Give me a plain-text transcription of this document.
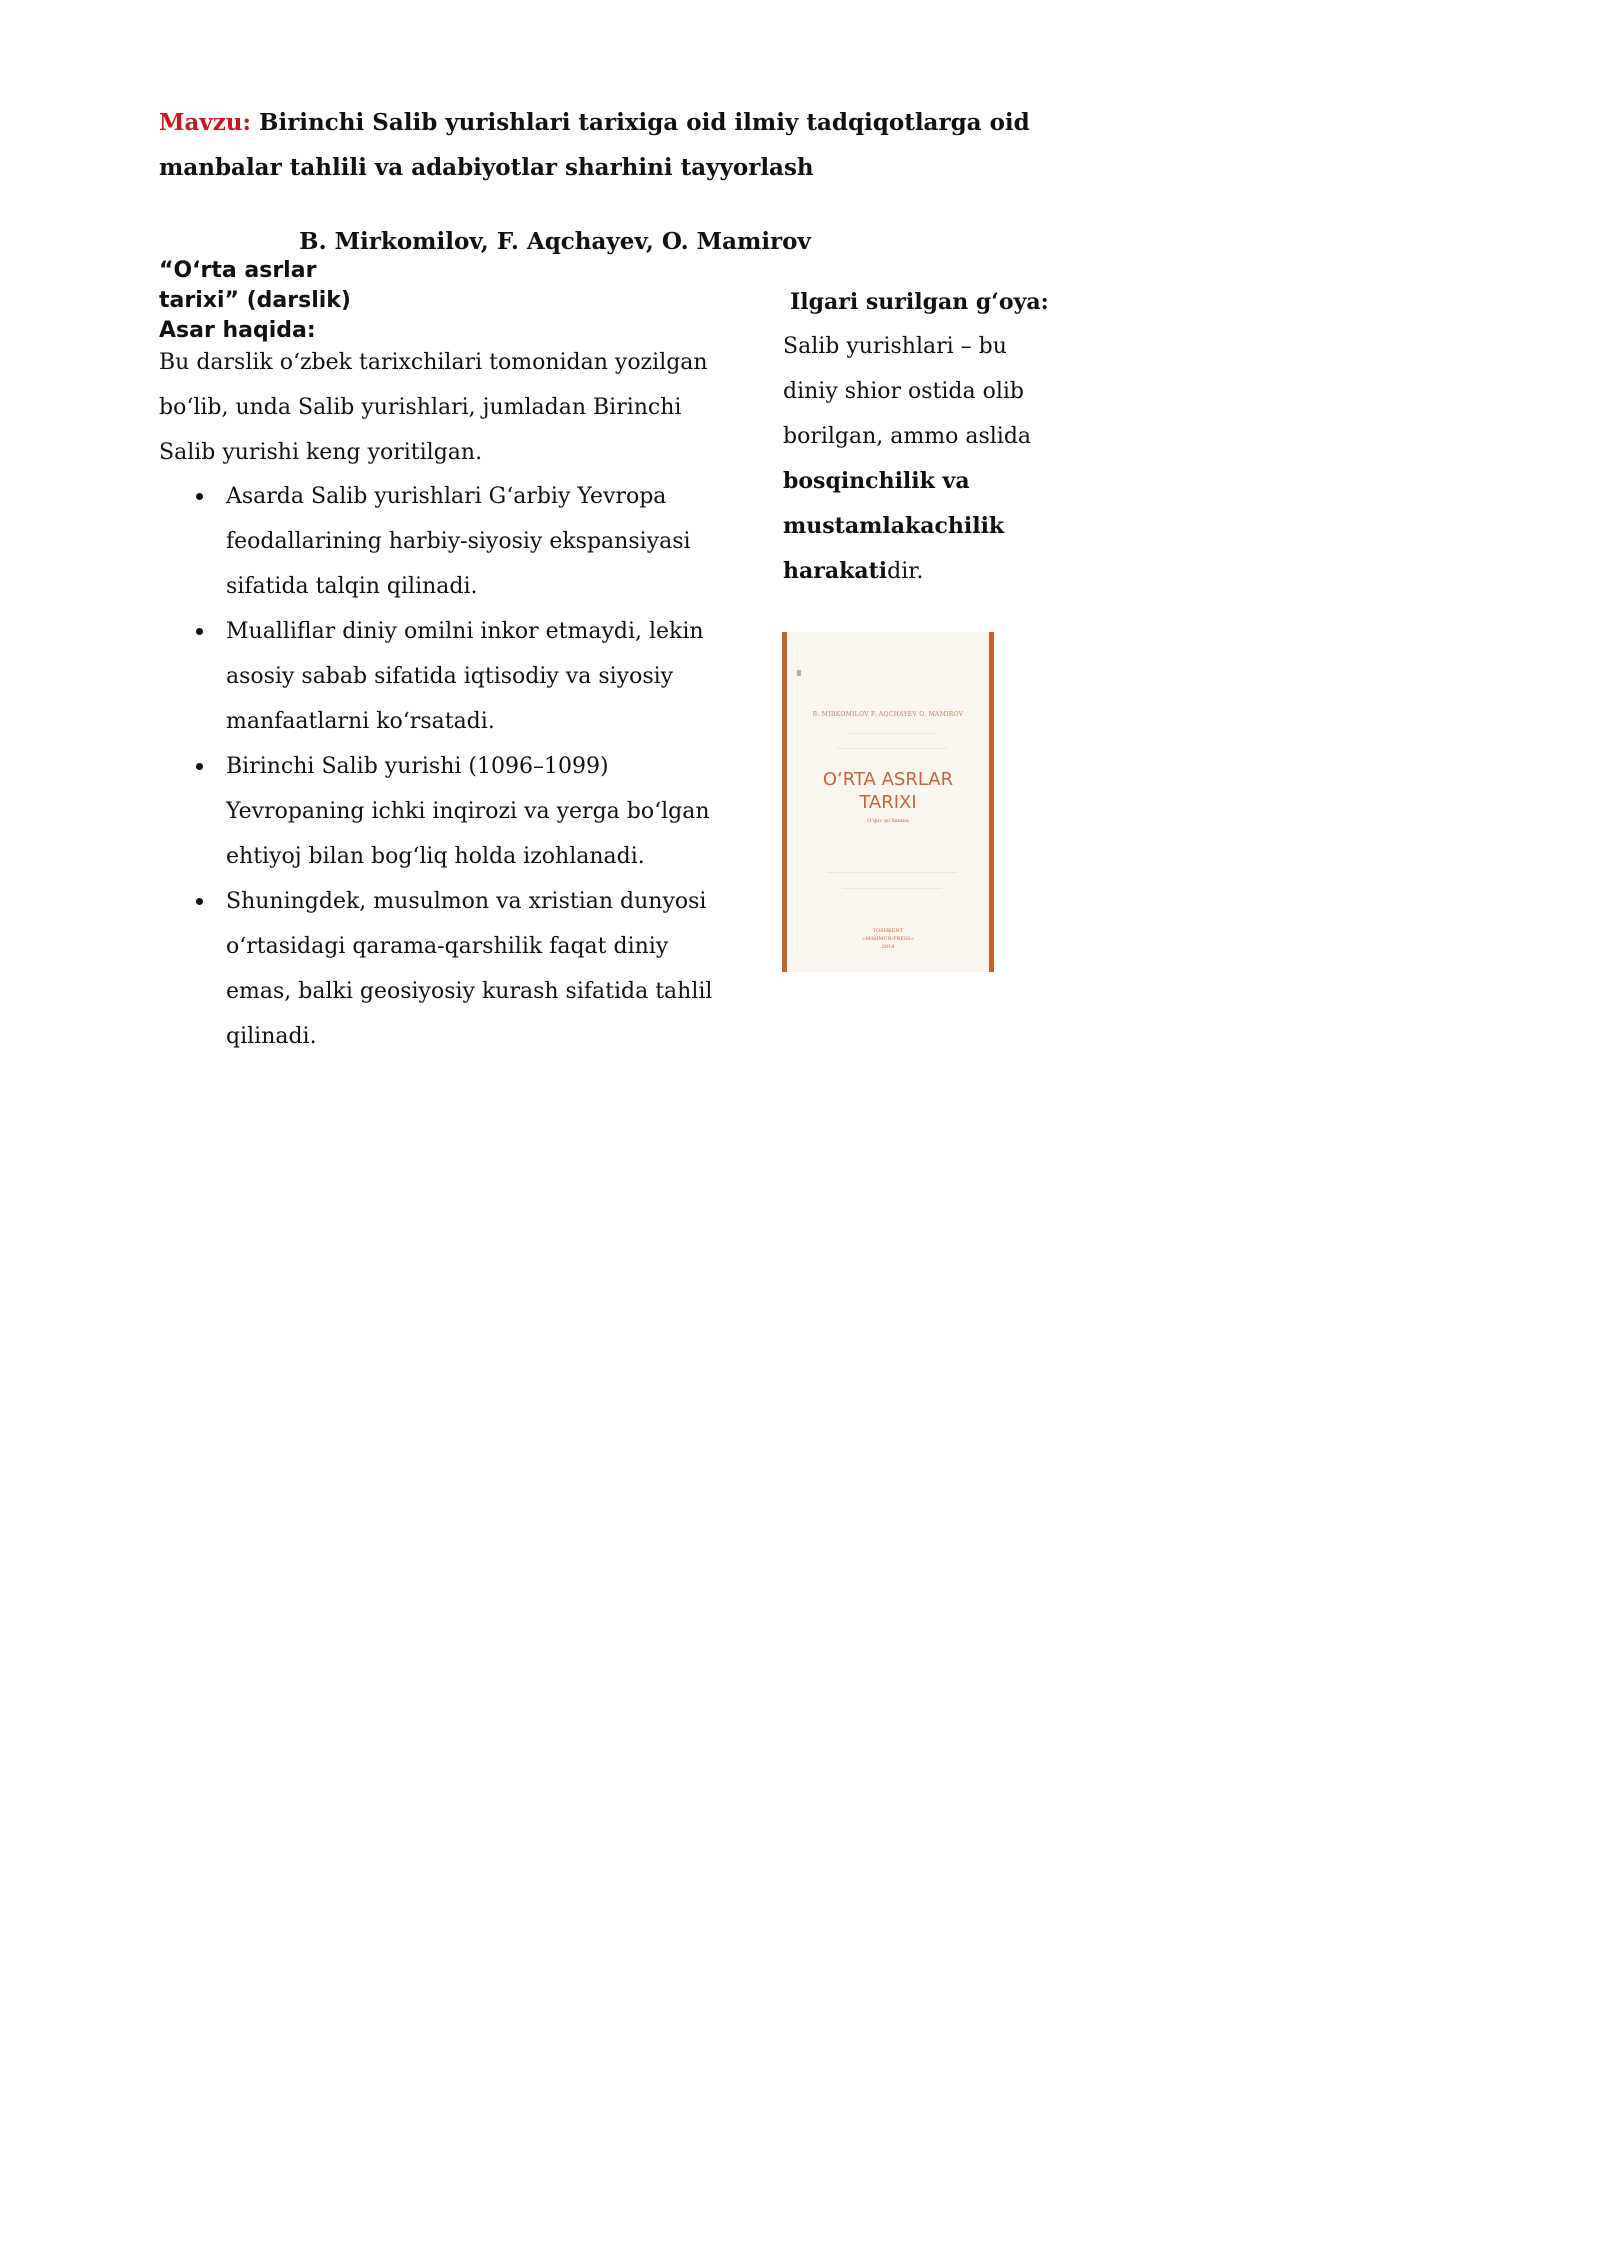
Mavzu: Birinchi Salib yurishlari tarixiga oid ilmiy tadqiqotlarga oid manbalar tahlili va adabiyotlar sharhini tayyorlash
B. Mirkomilov, F. Aqchayev, O. Mamirov
“O‘rta asrlar tarixi” (darslik)
Asar haqida:
Bu darslik o‘zbek tarixchilari tomonidan yozilgan bo‘lib, unda Salib yurishlari, jumladan Birinchi Salib yurishi keng yoritilgan.
Asarda Salib yurishlari G‘arbiy Yevropa feodallarining harbiy-siyosiy ekspansiyasi sifatida talqin qilinadi.
Mualliflar diniy omilni inkor etmaydi, lekin asosiy sabab sifatida iqtisodiy va siyosiy manfaatlarni ko‘rsatadi.
Birinchi Salib yurishi (1096–1099) Yevropaning ichki inqirozi va yerga bo‘lgan ehtiyoj bilan bog‘liq holda izohlanadi.
Shuningdek, musulmon va xristian dunyosi o‘rtasidagi qarama-qarshilik faqat diniy emas, balki geosiyosiy kurash sifatida tahlil qilinadi.
Ilgari surilgan g‘oya:
Salib yurishlari – bu diniy shior ostida olib borilgan, ammo aslida bosqinchilik va mustamlakachilik harakatidir.
B. MIRKOMILOV F. AQCHAYEV O. MAMIROV
O‘RTA ASRLAR
TARIXI
O‘quv qo‘llanma
TOSHKENT
«MAHMUR-PRESS»
2014
